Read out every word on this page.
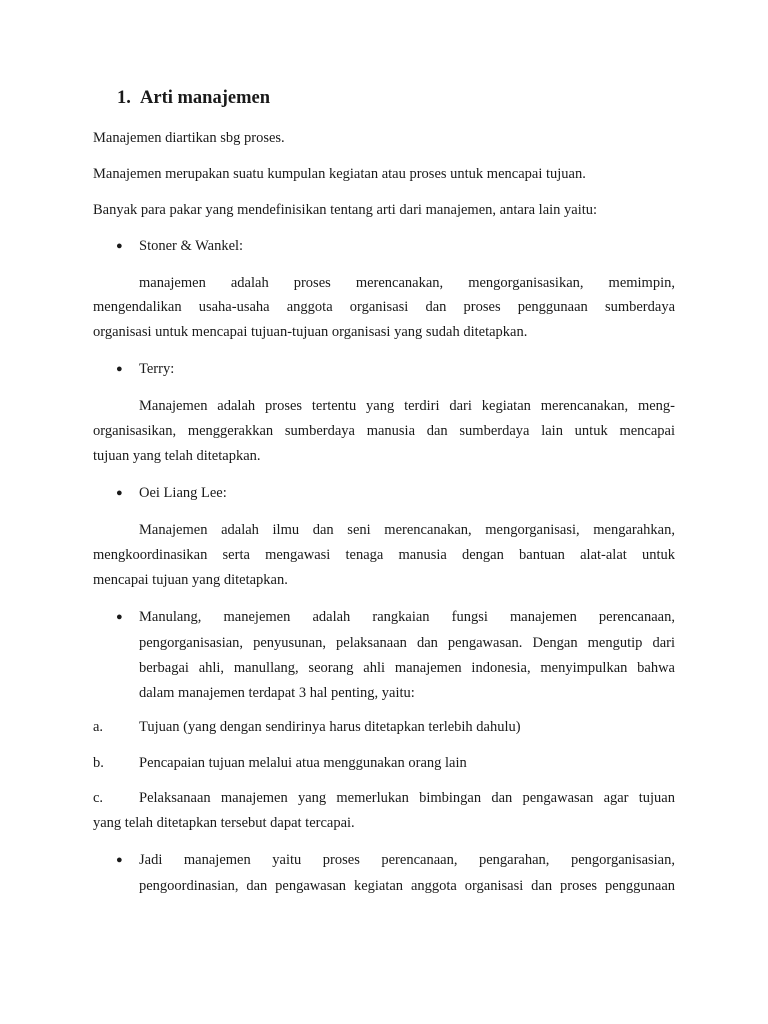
1. Arti manajemen
Manajemen diartikan sbg proses.
Manajemen merupakan suatu kumpulan kegiatan atau proses untuk mencapai tujuan.
Banyak para pakar yang mendefinisikan tentang arti dari manajemen, antara lain yaitu:
● Stoner & Wankel:
manajemen adalah proses merencanakan, mengorganisasikan, memimpin,
mengendalikan usaha-usaha anggota organisasi dan proses penggunaan sumberdaya
organisasi untuk mencapai tujuan-tujuan organisasi yang sudah ditetapkan.
● Terry:
Manajemen adalah proses tertentu yang terdiri dari kegiatan merencanakan, meng-
organisasikan, menggerakkan sumberdaya manusia dan sumberdaya lain untuk mencapai
tujuan yang telah ditetapkan.
● Oei Liang Lee:
Manajemen adalah ilmu dan seni merencanakan, mengorganisasi, mengarahkan,
mengkoordinasikan serta mengawasi tenaga manusia dengan bantuan alat-alat untuk
mencapai tujuan yang ditetapkan.
● Manulang, manejemen adalah rangkaian fungsi manajemen perencanaan,
pengorganisasian, penyusunan, pelaksanaan dan pengawasan. Dengan mengutip dari
berbagai ahli, manullang, seorang ahli manajemen indonesia, menyimpulkan bahwa
dalam manajemen terdapat 3 hal penting, yaitu:
a. Tujuan (yang dengan sendirinya harus ditetapkan terlebih dahulu)
b. Pencapaian tujuan melalui atua menggunakan orang lain
c. Pelaksanaan manajemen yang memerlukan bimbingan dan pengawasan agar tujuan
yang telah ditetapkan tersebut dapat tercapai.
● Jadi manajemen yaitu proses perencanaan, pengarahan, pengorganisasian,
pengoordinasian, dan pengawasan kegiatan anggota organisasi dan proses penggunaan
